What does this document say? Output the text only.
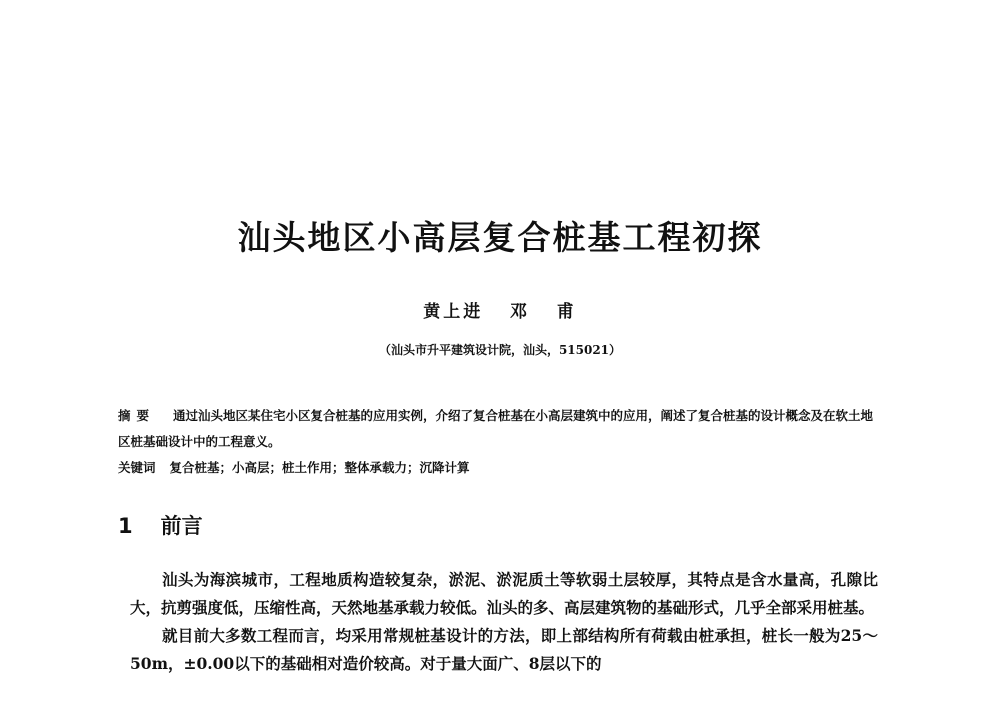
汕头地区小高层复合桩基工程初探
黄上进   邓   甫
（汕头市升平建筑设计院，汕头，515021）
摘要 通过汕头地区某住宅小区复合桩基的应用实例，介绍了复合桩基在小高层建筑中的应用，阐述了复合桩基的设计概念及在软土地区桩基础设计中的工程意义。
关键词 复合桩基；小高层；桩土作用；整体承载力；沉降计算
1 前言

汕头为海滨城市，工程地质构造较复杂，淤泥、淤泥质土等软弱土层较厚，其特点是含水量高，孔隙比大，抗剪强度低，压缩性高，天然地基承载力较低。汕头的多、高层建筑物的基础形式，几乎全部采用桩基。

就目前大多数工程而言，均采用常规桩基设计的方法，即上部结构所有荷载由桩承担，桩长一般为25～50m，±0.00以下的基础相对造价较高。对于量大面广、8层以下的
